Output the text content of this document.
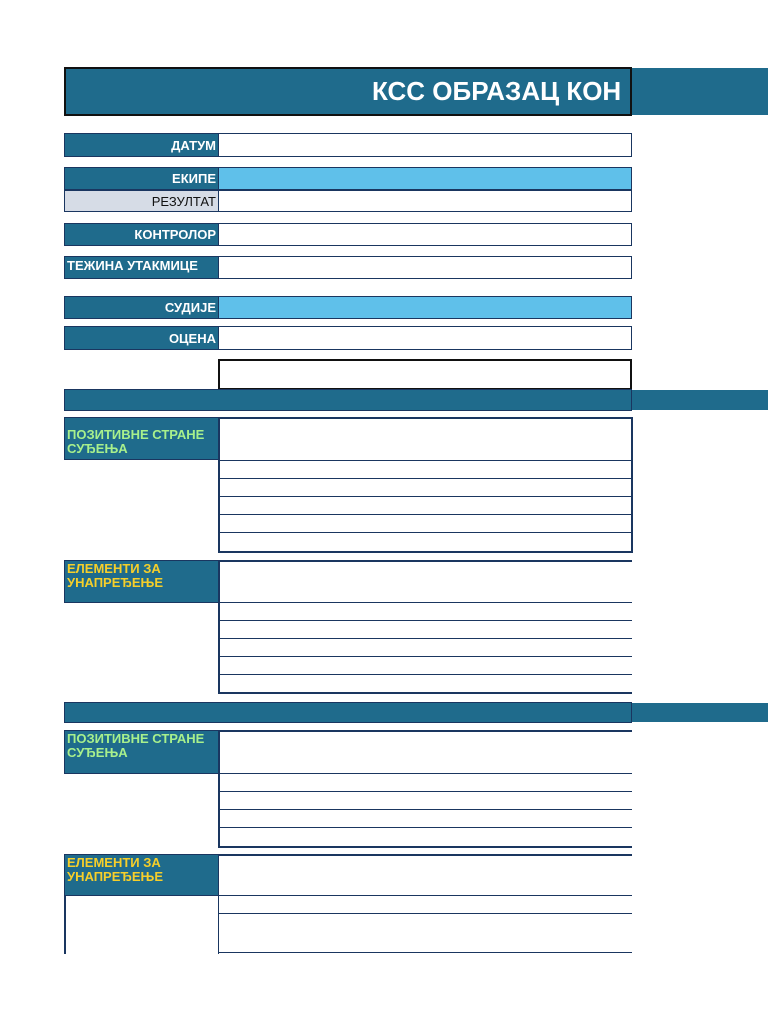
КСС ОБРАЗАЦ КОН
ДАТУМ
ЕКИПЕ
РЕЗУЛТАТ
КОНТРОЛОР
ТЕЖИНА УТАКМИЦЕ
СУДИЈЕ
ОЦЕНА
ПОЗИТИВНЕ СТРАНЕ СУЂЕЊА
ЕЛЕМЕНТИ ЗА УНАПРЕЂЕЊЕ
ПОЗИТИВНЕ СТРАНЕ СУЂЕЊА
ЕЛЕМЕНТИ ЗА УНАПРЕЂЕЊЕ
